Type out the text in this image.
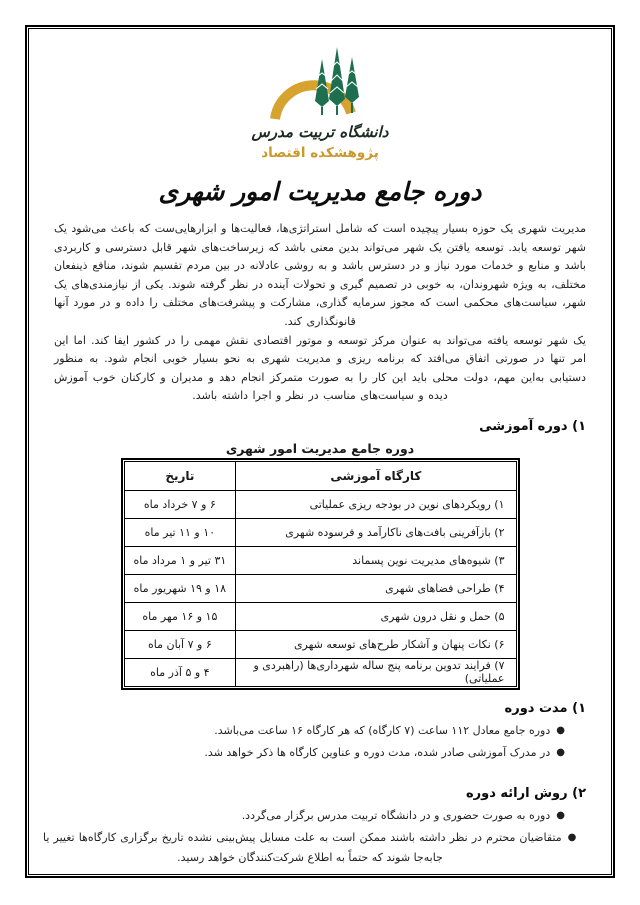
دانشگاه تربیت مدرس
پژوهشکده اقتصاد
دوره جامع مدیریت امور شهری

مدیریت شهری یک حوزه بسیار پیچیده است که شامل استراتژی‌ها، فعالیت‌ها و ابزارهایی‌ست که باعث می‌شود یک شهر توسعه یابد. توسعه یافتن یک شهر می‌تواند بدین معنی باشد که زیرساخت‌های شهر قابل دسترسی و کاربردی باشد و منابع و خدمات مورد نیاز و در دسترس باشد و به روشی عادلانه در بین مردم تقسیم شوند، منافع ذینفعان مختلف، به ویژه شهروندان، به خوبی در تصمیم گیری و تحولات آینده در نظر گرفته شوند. یکی از نیازمندی‌های یک شهر، سیاست‌های محکمی است که مجوز سرمایه گذاری، مشارکت و پیشرفت‌های مختلف را داده و در مورد آنها قانونگذاری کند.

یک شهر توسعه یافته می‌تواند به عنوان مرکز توسعه و موتور اقتصادی نقش مهمی را در کشور ایفا کند. اما این امر تنها در صورتی اتفاق می‌افتد که برنامه ریزی و مدیریت شهری به نحو بسیار خوبی انجام شود. به منظور دستیابی به‌این مهم، دولت محلی باید این کار را به صورت متمرکز انجام دهد و مدیران و کارکنان خوب آموزش دیده و سیاست‌های مناسب در نظر و اجرا داشته باشد.

۱) دوره آموزشی
دوره جامع مدیریت امور شهری
کارگاه آموزشی	تاریخ
۱) رویکردهای نوین در بودجه ریزی عملیاتی	۶ و ۷ خرداد ماه
۲) بازآفرینی بافت‌های ناکارآمد و فرسوده شهری	۱۰ و ۱۱ تیر ماه
۳) شیوه‌های مدیریت نوین پسماند	۳۱ تیر و ۱ مرداد ماه
۴) طراحی فضاهای شهری	۱۸ و ۱۹ شهریور ماه
۵) حمل و نقل درون شهری	۱۵ و ۱۶ مهر ماه
۶) نکات پنهان و آشکار طرح‌های توسعه شهری	۶ و ۷ آبان ماه
۷) فرایند تدوین برنامه پنج ساله شهرداری‌ها (راهبردی و عملیاتی)	۴ و ۵ آذر ماه
۱) مدت دوره
●دوره جامع معادل ۱۱۲ ساعت (۷ کارگاه) که هر کارگاه ۱۶ ساعت می‌باشد.
●در مدرک آموزشی صادر شده، مدت دوره و عناوین کارگاه ها ذکر خواهد شد.
۲) روش ارائه دوره
●دوره به صورت حضوری و در دانشگاه تربیت مدرس برگزار می‌گردد.
●متقاضیان محترم در نظر داشته باشند ممکن است به علت مسایل پیش‌بینی نشده تاریخ برگزاری کارگاه‌ها تغییر یا جابه‌جا شوند که حتماً به اطلاع شرکت‌کنندگان خواهد رسید.
